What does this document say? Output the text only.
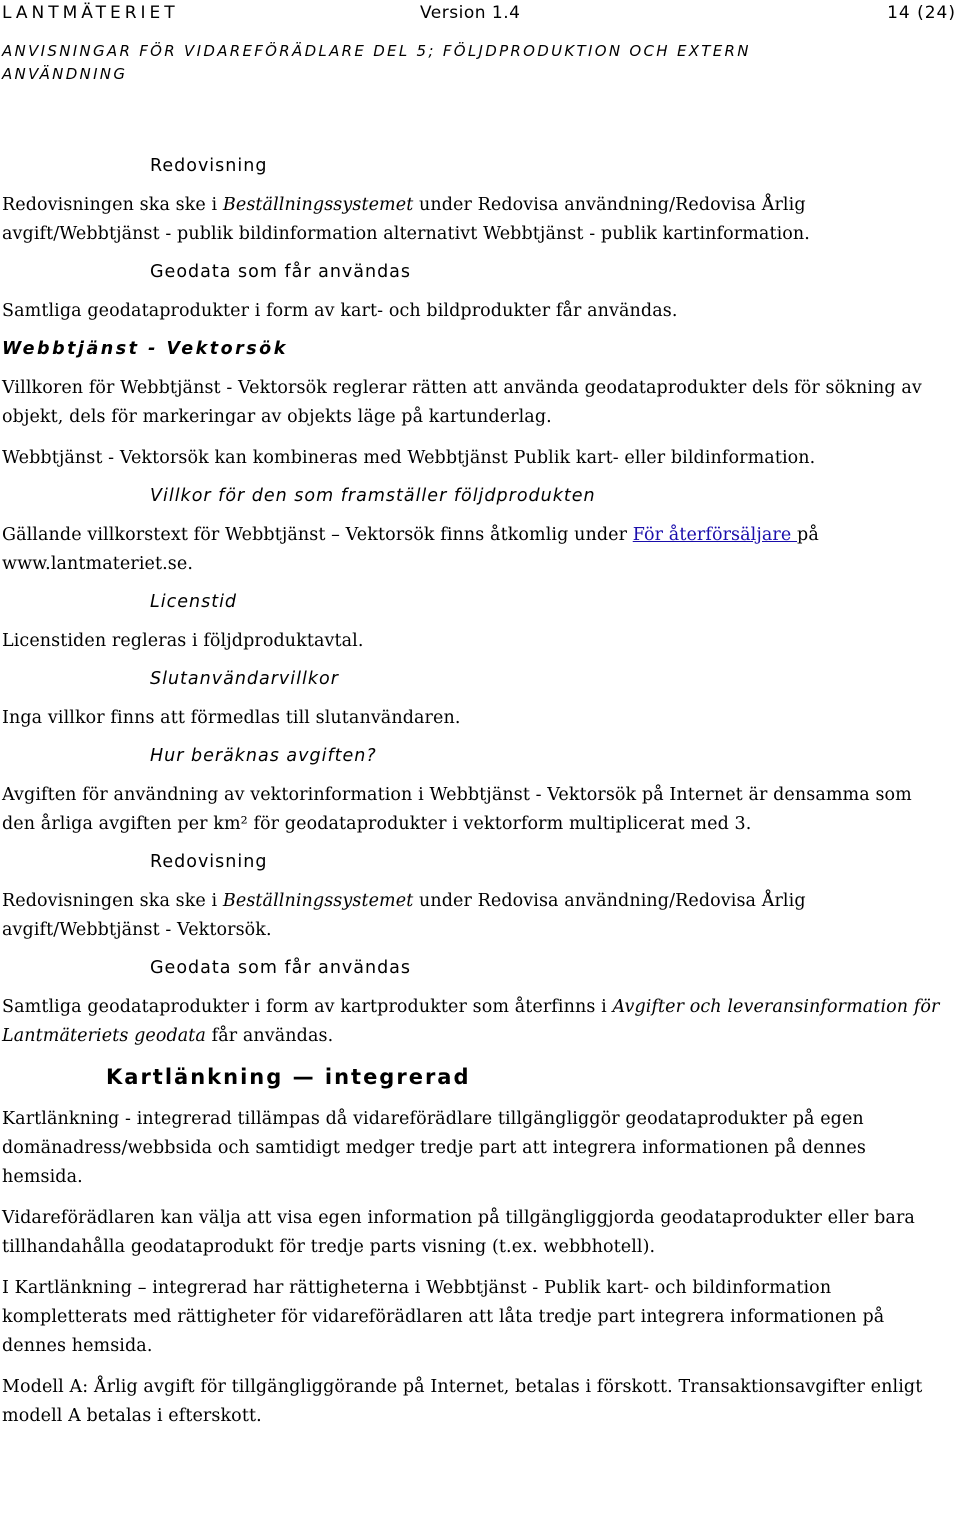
LANTMÄTERIET	Version 1.4	14 (24)
ANVISNINGAR FÖR VIDAREFÖRÄDLARE DEL 5; FÖLJDPRODUKTION OCH EXTERN ANVÄNDNING
Redovisning

Redovisningen ska ske i Beställningssystemet under Redovisa användning/Redovisa Årlig avgift/Webbtjänst - publik bildinformation alternativt Webbtjänst - publik kartinformation.

Geodata som får användas

Samtliga geodataprodukter i form av kart- och bildprodukter får användas.

Webbtjänst - Vektorsök

Villkoren för Webbtjänst - Vektorsök reglerar rätten att använda geodataprodukter dels för sökning av objekt, dels för markeringar av objekts läge på kartunderlag.

Webbtjänst - Vektorsök kan kombineras med Webbtjänst Publik kart- eller bildinformation.

Villkor för den som framställer följdprodukten

Gällande villkorstext för Webbtjänst – Vektorsök finns åtkomlig under För återförsäljare på www.lantmateriet.se.

Licenstid

Licenstiden regleras i följdproduktavtal.

Slutanvändarvillkor

Inga villkor finns att förmedlas till slutanvändaren.

Hur beräknas avgiften?

Avgiften för användning av vektorinformation i Webbtjänst - Vektorsök på Internet är densamma som den årliga avgiften per km² för geodataprodukter i vektorform multiplicerat med 3.

Redovisning

Redovisningen ska ske i Beställningssystemet under Redovisa användning/Redovisa Årlig avgift/Webbtjänst - Vektorsök.

Geodata som får användas

Samtliga geodataprodukter i form av kartprodukter som återfinns i Avgifter och leveransinformation för Lantmäteriets geodata får användas.

Kartlänkning — integrerad

Kartlänkning - integrerad tillämpas då vidareförädlare tillgängliggör geodataprodukter på egen domänadress/webbsida och samtidigt medger tredje part att integrera informationen på dennes hemsida.

Vidareförädlaren kan välja att visa egen information på tillgängliggjorda geodataprodukter eller bara tillhandahålla geodataprodukt för tredje parts visning (t.ex. webbhotell).

I Kartlänkning – integrerad har rättigheterna i Webbtjänst - Publik kart- och bildinformation kompletterats med rättigheter för vidareförädlaren att låta tredje part integrera informationen på dennes hemsida.

Modell A: Årlig avgift för tillgängliggörande på Internet, betalas i förskott. Transaktionsavgifter enligt modell A betalas i efterskott.
